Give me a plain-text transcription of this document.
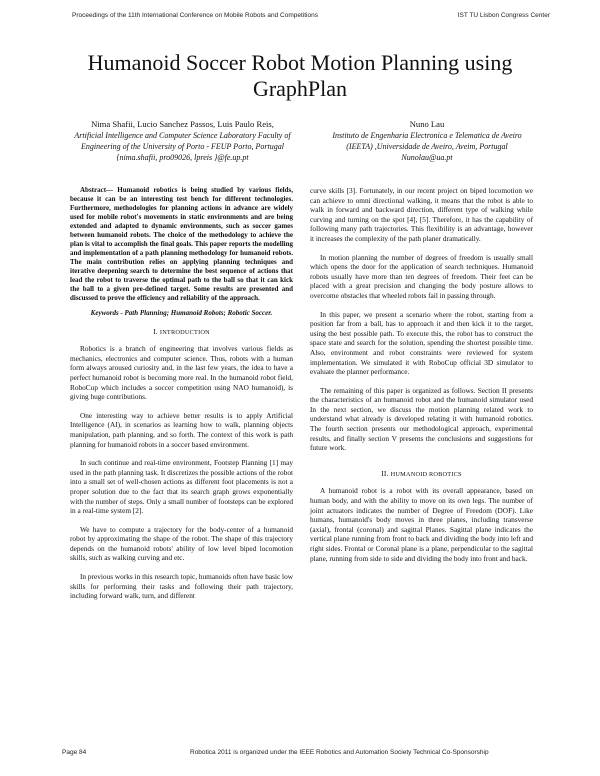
Proceedings of the 11th International Conference on Mobile Robots and Competitions	IST TU Lisbon Congress Center
Humanoid Soccer Robot Motion Planning using GraphPlan
Nima Shafii, Lucio Sanchez Passos, Luis Paulo Reis,
Artificial Intelligence and Computer Science Laboratory Faculty of Engineering of the University of Porto - FEUP Porto, Portugal
{nima.shafii, pro09026, lpreis }@fe.up.pt
Nuno Lau
Instituto de Engenharia Electronica e Telematica de Aveiro (IEETA) ,Universidade de Aveiro, Aveim, Portugal
Nunolau@ua.pt

Abstract— Humanoid robotics is being studied by various fields, because it can be an interesting test bench for different technologies. Furthermore, methodologies for planning actions in advance are widely used for mobile robot's movements in static environments and are being extended and adapted to dynamic environments, such as soccer games between humanoid robots. The choice of the methodology to achieve the plan is vital to accomplish the final goals. This paper reports the modelling and implementation of a path planning methodology for humanoid robots. The main contribution relies on applying planning techniques and iterative deepening search to determine the best sequence of actions that lead the robot to traverse the optimal path to the ball so that it can kick the ball to a given pre-defined target. Some results are presented and discussed to prove the efficiency and reliability of the approach.

Keywords - Path Planning; Humanoid Robots; Robotic Soccer.

I. INTRODUCTION

Robotics is a branch of engineering that involves various fields as mechanics, electronics and computer science. Thus, robots with a human form always aroused curiosity and, in the last few years, the idea to have a perfect humanoid robot is becoming more real. In the humanoid robot field, RoboCup which includes a soccer competition using NAO humanoid), is giving huge contributions.

One interesting way to achieve better results is to apply Artificial Intelligence (AI), in scenarios as learning how to walk, planning objects manipulation, path planning, and so forth. The context of this work is path planning for humanoid robots in a soccer based environment.

In such continue and real-time environment, Footstep Planning [1] may used in the path planning task. It discretizes the possible actions of the robot into a small set of well-chosen actions as different foot placements is not a proper solution due to the fact that its search graph grows exponentially with the number of steps. Only a small number of footsteps can be explored in a real-time system [2].

We have to compute a trajectory for the body-center of a humanoid robot by approximating the shape of the robot. The shape of this trajectory depends on the humanoid robots' ability of low level biped locomotion skills, such as walking curving and etc.

In previous works in this research topic, humanoids often have basic low skills for performing their tasks and following their path trajectory, including forward walk, turn, and different

curve skills [3]. Fortunately, in our recent project on biped locomotion we can achieve to omni directional walking, it means that the robot is able to walk in forward and backward direction, different type of walking while curving and turning on the spot [4], [5]. Therefore, it has the capability of following many path trajectories. This flexibility is an advantage, however it increases the complexity of the path planer dramatically.

In motion planning the number of degrees of freedom is usually small which opens the door for the application of search techniques. Humanoid robots usually have more than ten degrees of freedom. Their feet can be placed with a great precision and changing the body posture allows to overcome obstacles that wheeled robots fail in passing through.

In this paper, we present a scenario where the robot, starting from a position far from a ball, has to approach it and then kick it to the target, using the best possible path. To execute this, the robot has to construct the space state and search for the solution, spending the shortest possible time. Also, environment and robot constraints were reviewed for system implementation. We simulated it with RoboCup official 3D simulator to evaluate the planner performance.

The remaining of this paper is organized as follows. Section II presents the characteristics of an humanoid robot and the humanoid simulator used In the next section, we discuss the motion planning related work to understand what already is developed relating it with humanoid robotics. The fourth section presents our methodological approach, experimental results, and finally section V presents the conclusions and suggestions for future work.

II. HUMANOID ROBOTICS

A humanoid robot is a robot with its overall appearance, based on human body, and with the ability to move on its own legs. The number of joint actuators indicates the number of Degree of Freedom (DOF). Like humans, humanoid's body moves in three planes, including transverse (axial), frontal (coronal) and sagittal Planes. Sagittal plane indicates the vertical plane running from front to back and dividing the body into left and right sides. Frontal or Coronal plane is a plane, perpendicular to the sagittal plane, running from side to side and dividing the body into front and back.

Page 84	Robotica 2011 is organized under the IEEE Robotics and Automation Society Technical Co-Sponsorship
